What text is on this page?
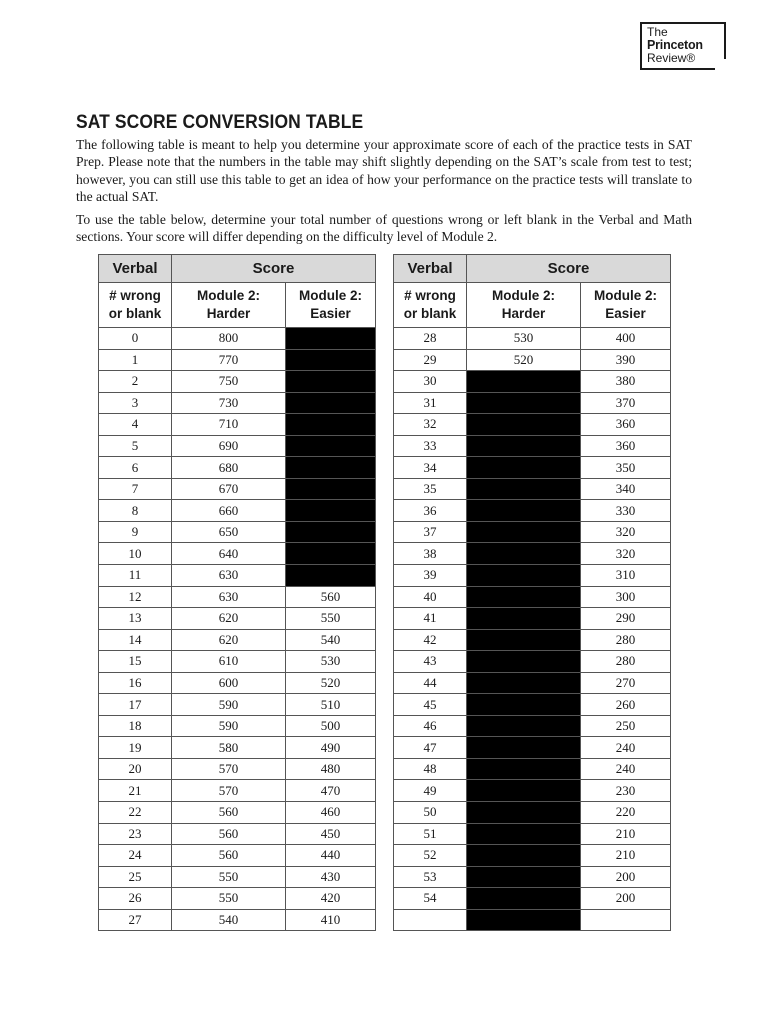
The
Princeton
Review®
SAT SCORE CONVERSION TABLE

The following table is meant to help you determine your approximate score of each of the practice tests in SAT Prep. Please note that the numbers in the table may shift slightly depending on the SAT’s scale from test to test; however, you can still use this table to get an idea of how your performance on the practice tests will translate to the actual SAT.

To use the table below, determine your total number of questions wrong or left blank in the Verbal and Math sections. Your score will differ depending on the difficulty level of Module 2.

Verbal	Score	
# wrong
or blank	Module 2:
Harder	Module 2:
Easier
0	800	
1	770	
2	750	
3	730	
4	710	
5	690	
6	680	
7	670	
8	660	
9	650	
10	640	
11	630	
12	630	560
13	620	550
14	620	540
15	610	530
16	600	520
17	590	510
18	590	500
19	580	490
20	570	480
21	570	470
22	560	460
23	560	450
24	560	440
25	550	430
26	550	420
27	540	410
Verbal	Score	
# wrong
or blank	Module 2:
Harder	Module 2:
Easier
28	530	400
29	520	390
30		380
31		370
32		360
33		360
34		350
35		340
36		330
37		320
38		320
39		310
40		300
41		290
42		280
43		280
44		270
45		260
46		250
47		240
48		240
49		230
50		220
51		210
52		210
53		200
54		200
